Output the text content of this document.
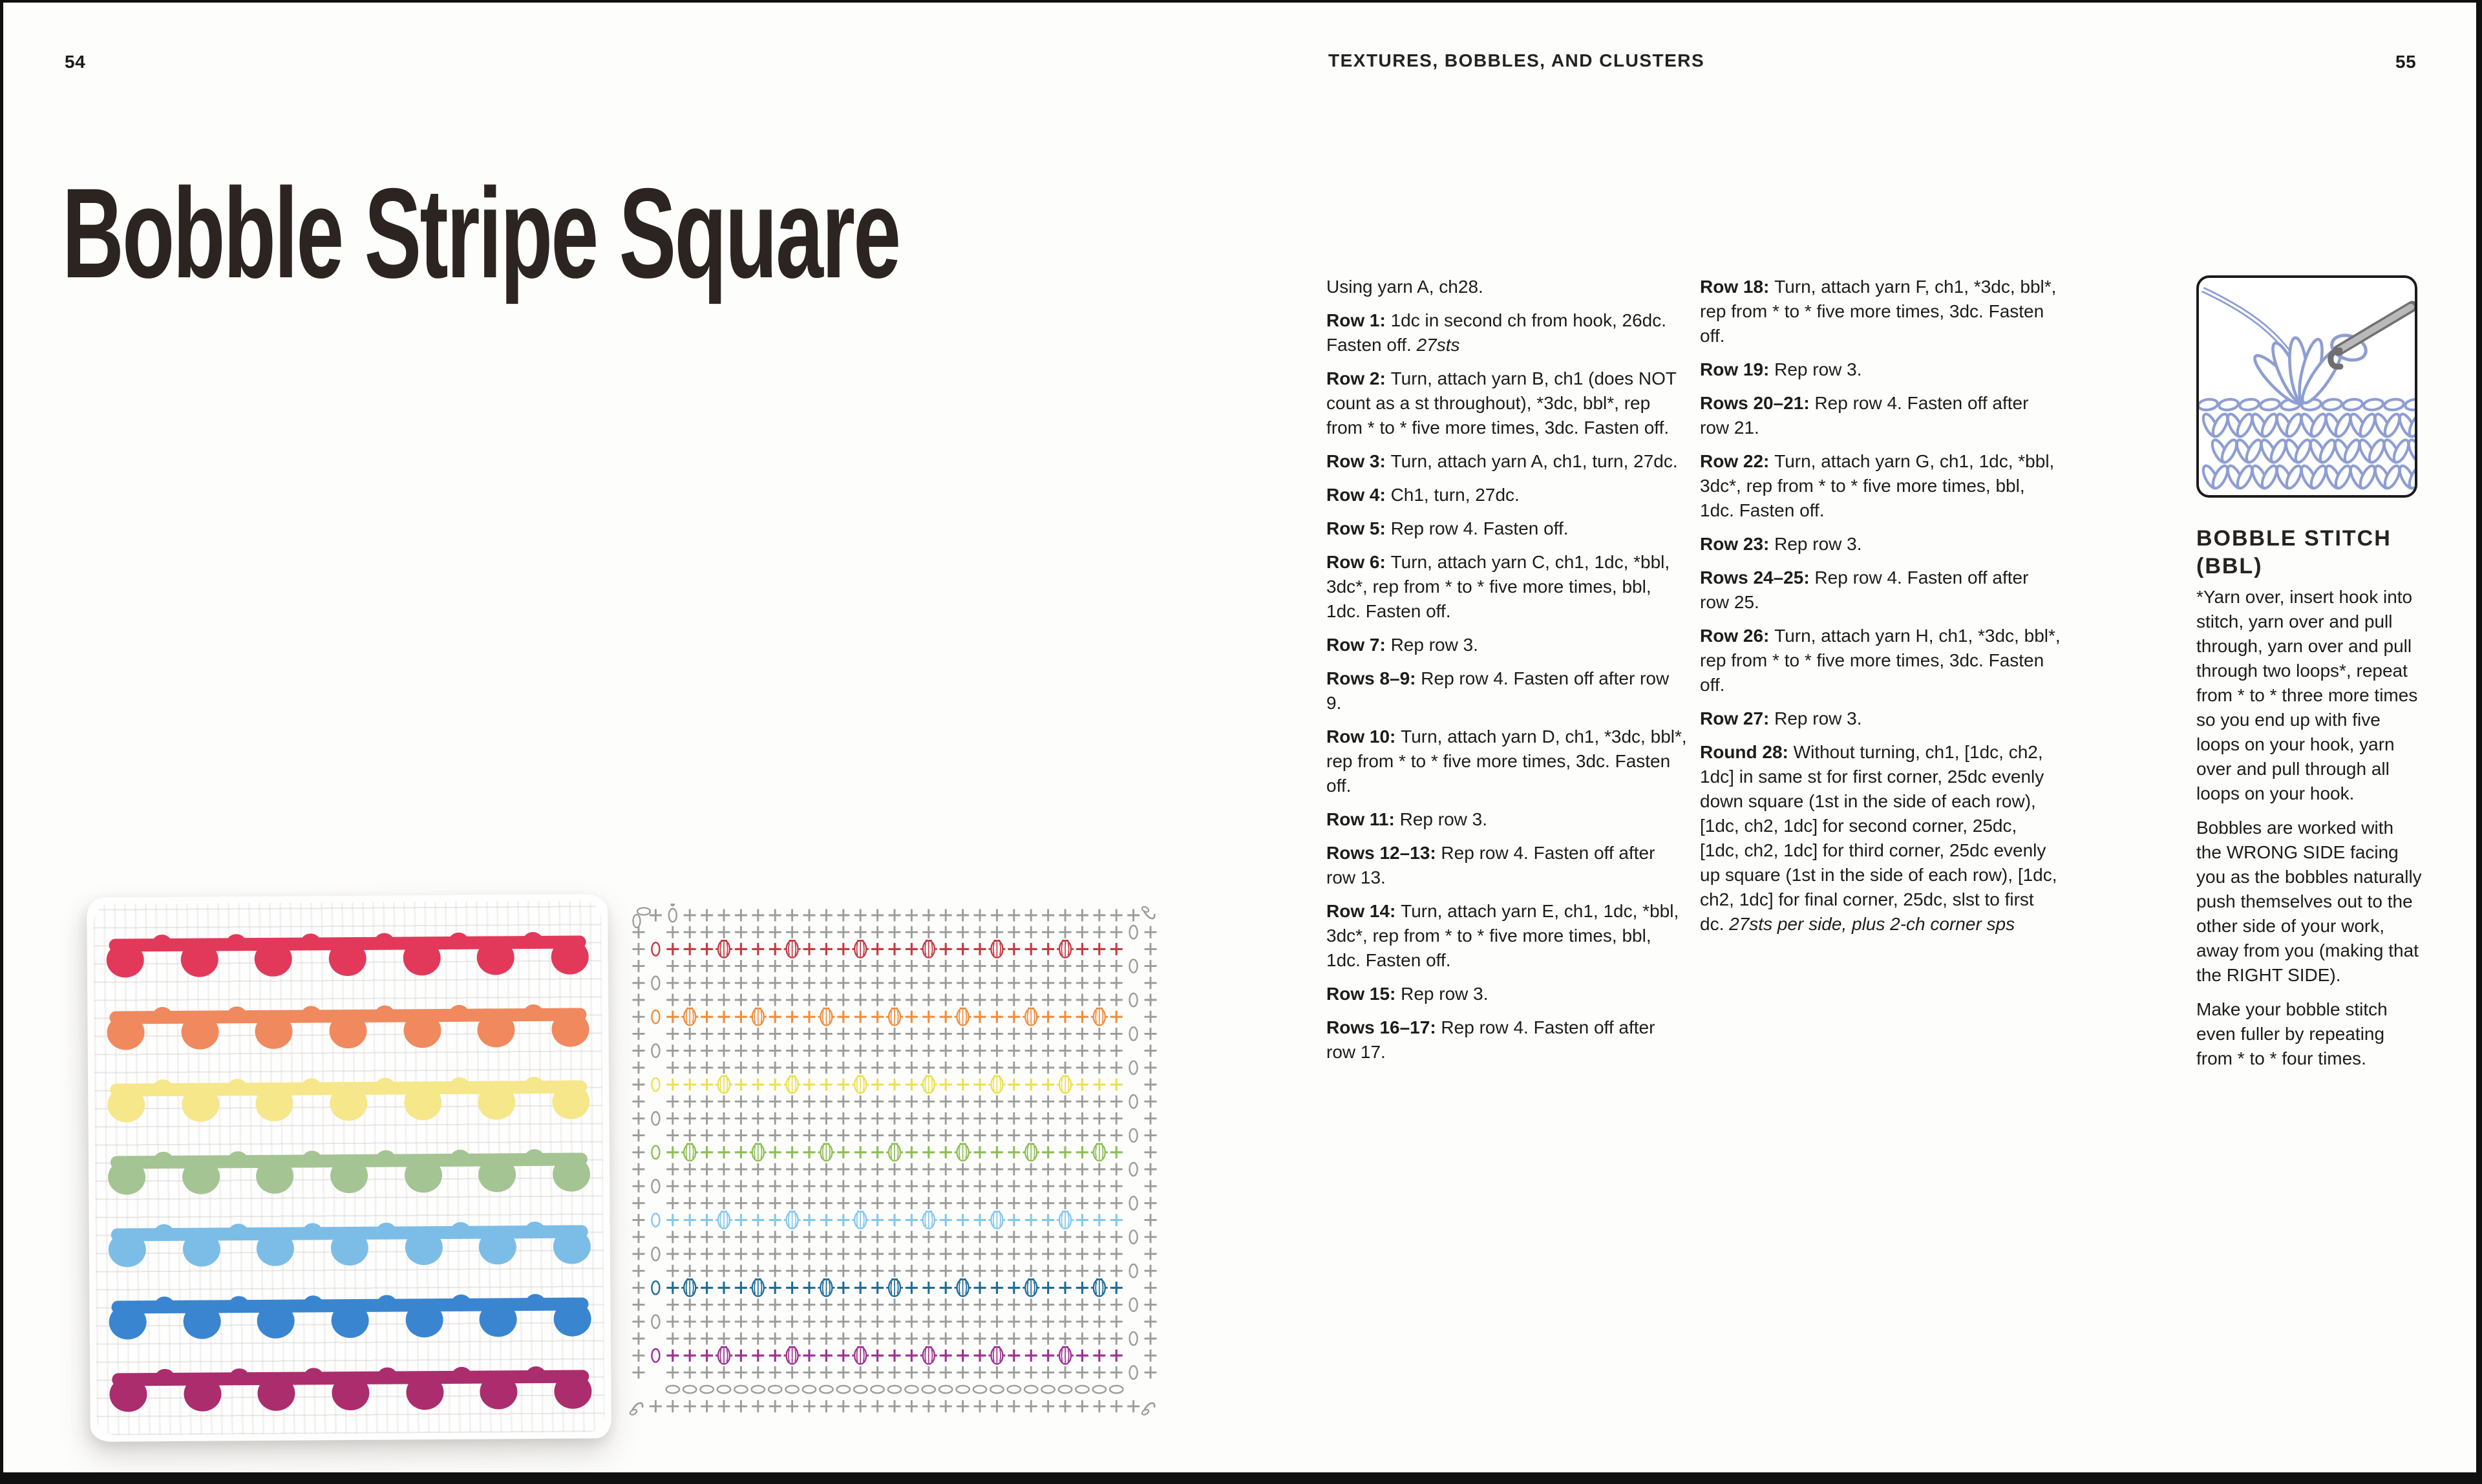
54	TEXTURES, BOBBLES, AND CLUSTERS	55
Bobble Stripe Square	Using yarn A, ch28.

Row 1: 1dc in second ch from hook, 26dc. Fasten off. 27sts

Row 2: Turn, attach yarn B, ch1 (does NOT count as a st throughout), *3dc, bbl*, rep from * to * five more times, 3dc. Fasten off.

Row 3: Turn, attach yarn A, ch1, turn, 27dc.

Row 4: Ch1, turn, 27dc.

Row 5: Rep row 4. Fasten off.

Row 6: Turn, attach yarn C, ch1, 1dc, *bbl, 3dc*, rep from * to * five more times, bbl, 1dc. Fasten off.

Row 7: Rep row 3.

Rows 8–9: Rep row 4. Fasten off after row 9.

Row 10: Turn, attach yarn D, ch1, *3dc, bbl*, rep from * to * five more times, 3dc. Fasten off.

Row 11: Rep row 3.

Rows 12–13: Rep row 4. Fasten off after row 13.

Row 14: Turn, attach yarn E, ch1, 1dc, *bbl, 3dc*, rep from * to * five more times, bbl, 1dc. Fasten off.

Row 15: Rep row 3.

Rows 16–17: Rep row 4. Fasten off after row 17.

Row 18: Turn, attach yarn F, ch1, *3dc, bbl*, rep from * to * five more times, 3dc. Fasten off.

Row 19: Rep row 3.

Rows 20–21: Rep row 4. Fasten off after row 21.

Row 22: Turn, attach yarn G, ch1, 1dc, *bbl, 3dc*, rep from * to * five more times, bbl, 1dc. Fasten off.

Row 23: Rep row 3.

Rows 24–25: Rep row 4. Fasten off after row 25.

Row 26: Turn, attach yarn H, ch1, *3dc, bbl*, rep from * to * five more times, 3dc. Fasten off.

Row 27: Rep row 3.

Round 28: Without turning, ch1, [1dc, ch2, 1dc] in same st for first corner, 25dc evenly down square (1st in the side of each row), [1dc, ch2, 1dc] for second corner, 25dc, [1dc, ch2, 1dc] for third corner, 25dc evenly up square (1st in the side of each row), [1dc, ch2, 1dc] for final corner, 25dc, slst to first dc. 27sts per side, plus 2-ch corner sps

BOBBLE STITCH
(BBL)

*Yarn over, insert hook into stitch, yarn over and pull through, yarn over and pull through two loops*, repeat from * to * three more times so you end up with five loops on your hook, yarn over and pull through all loops on your hook.

Bobbles are worked with the WRONG SIDE facing you as the bobbles naturally push themselves out to the other side of your work, away from you (making that the RIGHT SIDE).

Make your bobble stitch even fuller by repeating from * to * four times.
